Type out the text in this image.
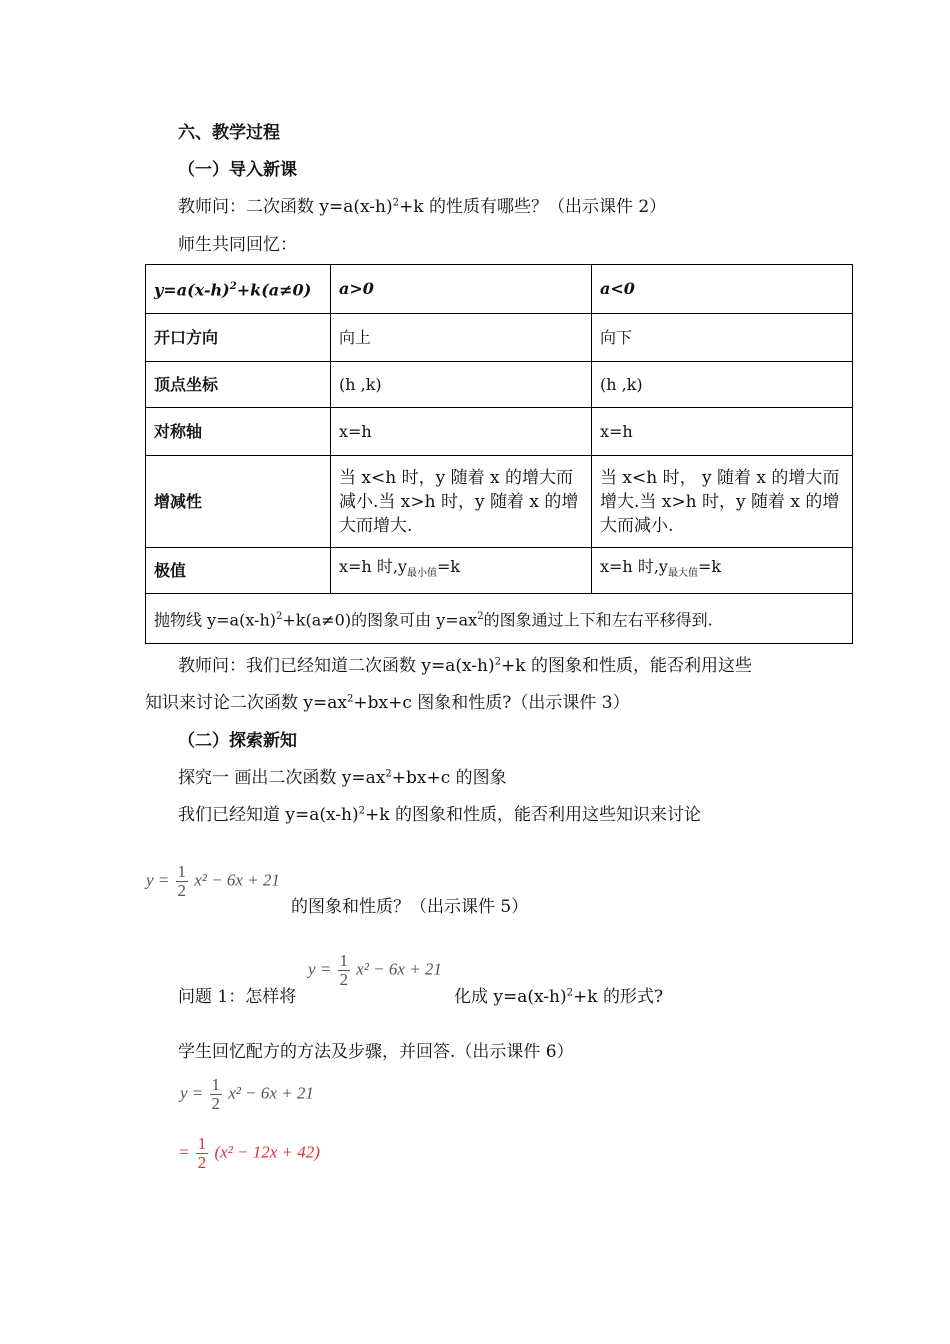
六、教学过程
（一）导入新课
教师问：二次函数 $y=a(x-h)^2+k$ 的性质有哪些？（出示课件 2）
师生共同回忆：
$y=a(x-h)^2+k(a\ne 0)$	a>0	a<0
开口方向	向上	向下
顶点坐标	(h ,k)	(h ,k)
对称轴	x=h	x=h
增减性	当 x<h 时，y 随着 x 的增大而减小.当 x>h 时，y 随着 x 的增大而增大.	当 x<h 时， y 随着 x 的增大而增大.当 x>h 时，y 随着 x 的增大而减小.
极值	x=h 时$,y_{最小值}=k$	x=h 时$,y_{最大值}=k$
抛物线 $y=a(x-h)^2+k(a\ne 0)$的图象可由 $y=ax^2$的图象通过上下和左右平移得到.		
教师问：我们已经知道二次函数 $y=a(x-h)^2+k$ 的图象和性质，能否利用这些
知识来讨论二次函数 $y=ax^2+bx+c$ 图象和性质?（出示课件 3）
（二）探索新知
探究一 画出二次函数 $y=ax^2+bx+c$ 的图象
我们已经知道 $y=a(x-h)^2+k$ 的图象和性质，能否利用这些知识来讨论
$y = \frac{1}{2} x^2 - 6x + 21$
的图象和性质？（出示课件 5）
问题 1：怎样将
$y = \frac{1}{2} x^2 - 6x + 21$
化成 $y=a(x-h)^2+k$ 的形式?
学生回忆配方的方法及步骤，并回答.（出示课件 6）
$y = \frac{1}{2} x^2 - 6x + 21$
= $\frac{1}{2} (x^2 - 12x + 42)$
